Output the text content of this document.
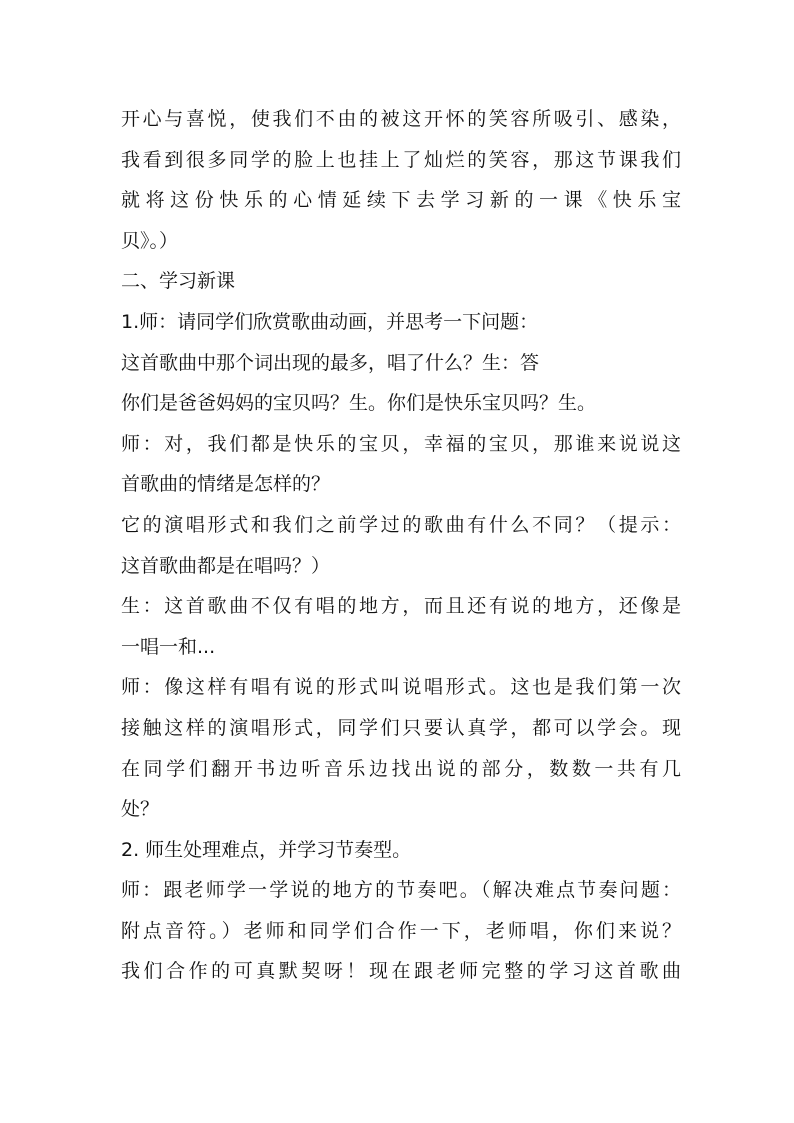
开心与喜悦，使我们不由的被这开怀的笑容所吸引、感染，
我看到很多同学的脸上也挂上了灿烂的笑容，那这节课我们
就将这份快乐的心情延续下去学习新的一课《快乐宝
贝》。）
二、学习新课
1.师：请同学们欣赏歌曲动画，并思考一下问题：
这首歌曲中那个词出现的最多，唱了什么？生：答
你们是爸爸妈妈的宝贝吗？生。你们是快乐宝贝吗？生。
师：对，我们都是快乐的宝贝，幸福的宝贝，那谁来说说这
首歌曲的情绪是怎样的？
它的演唱形式和我们之前学过的歌曲有什么不同？（提示：
这首歌曲都是在唱吗？）
生：这首歌曲不仅有唱的地方，而且还有说的地方，还像是
一唱一和...
师：像这样有唱有说的形式叫说唱形式。这也是我们第一次
接触这样的演唱形式，同学们只要认真学，都可以学会。现
在同学们翻开书边听音乐边找出说的部分，数数一共有几
处？
2. 师生处理难点，并学习节奏型。
师：跟老师学一学说的地方的节奏吧。（解决难点节奏问题：
附点音符。）老师和同学们合作一下，老师唱，你们来说？
我们合作的可真默契呀！现在跟老师完整的学习这首歌曲
